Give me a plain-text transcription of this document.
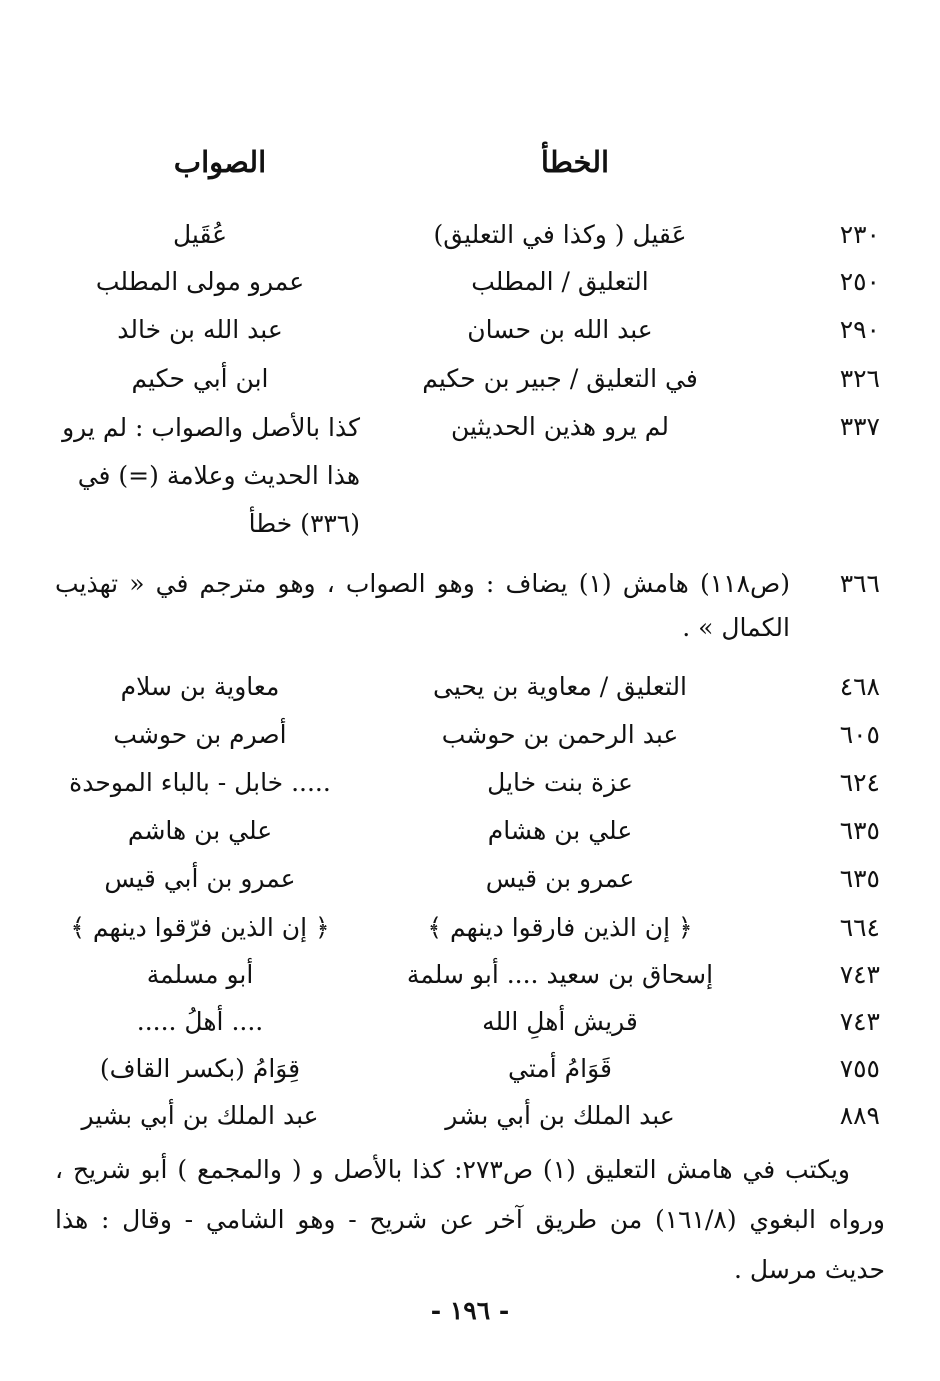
الخطأ
الصواب
٢٣٠
عَقيل ( وكذا في التعليق)
عُقَيل
٢٥٠
التعليق / المطلب
عمرو مولى المطلب
٢٩٠
عبد الله بن حسان
عبد الله بن خالد
٣٢٦
في التعليق / جبير بن حكيم
ابن أبي حكيم
٣٣٧
لم يرو هذين الحديثين
كذا بالأصل والصواب : لم يرو هذا الحديث وعلامة (=) في (٣٣٦) خطأ
٣٦٦
(ص١١٨) هامش (١) يضاف : وهو الصواب ، وهو مترجم في « تهذيب الكمال » .
٤٦٨
التعليق / معاوية بن يحيى
معاوية بن سلام
٦٠٥
عبد الرحمن بن حوشب
أصرم بن حوشب
٦٢٤
عزة بنت خايل
..... خابل - بالباء الموحدة
٦٣٥
علي بن هشام
علي بن هاشم
٦٣٥
عمرو بن قيس
عمرو بن أبي قيس
٦٦٤
﴿ إن الذين فارقوا دينهم ﴾
﴿ إن الذين فرّقوا دينهم ﴾
٧٤٣
إسحاق بن سعيد .... أبو سلمة
أبو مسلمة
٧٤٣
قريش أهلِ الله
.... أهلُ .....
٧٥٥
قَوَامُ أمتي
قِوَامُ (بكسر القاف)
٨٨٩
عبد الملك بن أبي بشر
عبد الملك بن أبي بشير
ويكتب في هامش التعليق (١) ص٢٧٣: كذا بالأصل و ( والمجمع ) أبو شريح ، ورواه البغوي (١٦١/٨) من طريق آخر عن شريح - وهو الشامي - وقال : هذا حديث مرسل .
- ١٩٦ -
